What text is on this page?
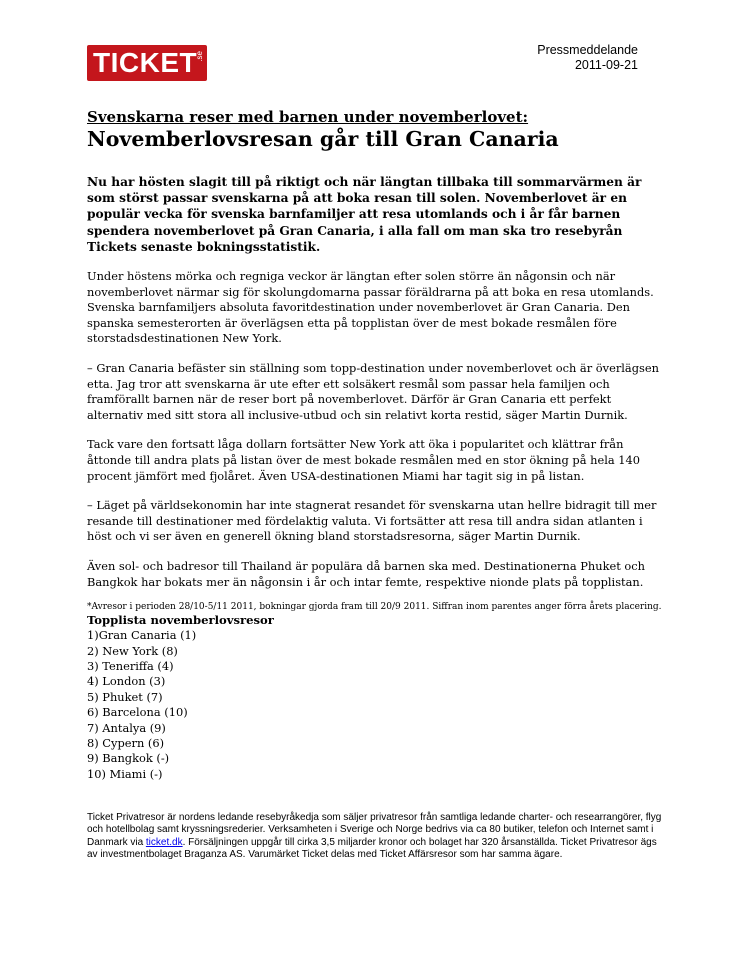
TICKET
.se	Pressmeddelande
2011-09-21
Svenskarna reser med barnen under novemberlovet:
Novemberlovsresan går till Gran Canaria

Nu har hösten slagit till på riktigt och när längtan tillbaka till sommarvärmen är som störst passar svenskarna på att boka resan till solen. Novemberlovet är en populär vecka för svenska barnfamiljer att resa utomlands och i år får barnen spendera novemberlovet på Gran Canaria, i alla fall om man ska tro resebyrån Tickets senaste bokningsstatistik.

Under höstens mörka och regniga veckor är längtan efter solen större än någonsin och när novemberlovet närmar sig för skolungdomarna passar föräldrarna på att boka en resa utomlands. Svenska barnfamiljers absoluta favoritdestination under novemberlovet är Gran Canaria. Den spanska semesterorten är överlägsen etta på topplistan över de mest bokade resmålen före storstadsdestinationen New York.

– Gran Canaria befäster sin ställning som topp-destination under novemberlovet och är överlägsen etta. Jag tror att svenskarna är ute efter ett solsäkert resmål som passar hela familjen och framförallt barnen när de reser bort på novemberlovet. Därför är Gran Canaria ett perfekt alternativ med sitt stora all inclusive-utbud och sin relativt korta restid, säger Martin Durnik.

Tack vare den fortsatt låga dollarn fortsätter New York att öka i popularitet och klättrar från åttonde till andra plats på listan över de mest bokade resmålen med en stor ökning på hela 140 procent jämfört med fjolåret. Även USA-destinationen Miami har tagit sig in på listan.

– Läget på världsekonomin har inte stagnerat resandet för svenskarna utan hellre bidragit till mer resande till destinationer med fördelaktig valuta. Vi fortsätter att resa till andra sidan atlanten i höst och vi ser även en generell ökning bland storstadsresorna, säger Martin Durnik.

Även sol- och badresor till Thailand är populära då barnen ska med. Destinationerna Phuket och Bangkok har bokats mer än någonsin i år och intar femte, respektive nionde plats på topplistan.

*Avresor i perioden 28/10-5/11 2011, bokningar gjorda fram till 20/9 2011. Siffran inom parentes anger förra årets placering.

Topplista novemberlovsresor

1)Gran Canaria (1)
2) New York (8)
3) Teneriffa (4)
4) London (3)
5) Phuket (7)
6) Barcelona (10)
7) Antalya (9)
8) Cypern (6)
9) Bangkok (-)
10) Miami (-)

Ticket Privatresor är nordens ledande resebyråkedja som säljer privatresor från samtliga ledande charter- och researrangörer, flyg och hotellbolag samt kryssningsrederier. Verksamheten i Sverige och Norge bedrivs via ca 80 butiker, telefon och Internet samt i Danmark via ticket.dk. Försäljningen uppgår till cirka 3,5 miljarder kronor och bolaget har 320 årsanställda. Ticket Privatresor ägs av investmentbolaget Braganza AS. Varumärket Ticket delas med Ticket Affärsresor som har samma ägare.
